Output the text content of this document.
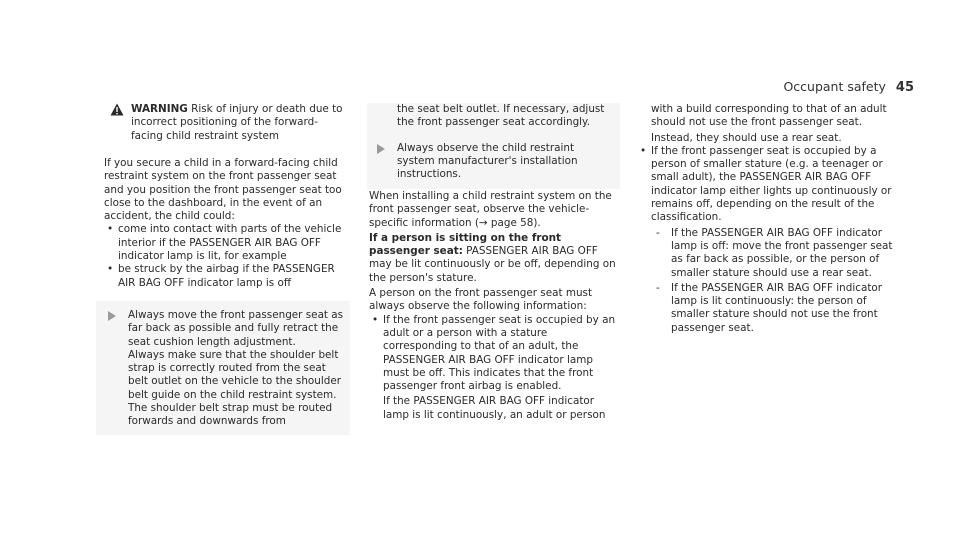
Occupant safety 45

WARNING Risk of injury or death due to incorrect positioning of the forward-facing child restraint system

If you secure a child in a forward-facing child restraint system on the front passenger seat and you position the front passenger seat too close to the dashboard, in the event of an accident, the child could:

• come into contact with parts of the vehicle interior if the PASSENGER AIR BAG OFF indicator lamp is lit, for example
• be struck by the airbag if the PASSENGER AIR BAG OFF indicator lamp is off

Always move the front passenger seat as far back as possible and fully retract the seat cushion length adjustment.

Always make sure that the shoulder belt strap is correctly routed from the seat belt outlet on the vehicle to the shoulder belt guide on the child restraint system. The shoulder belt strap must be routed forwards and downwards from

the seat belt outlet. If necessary, adjust the front passenger seat accordingly.

Always observe the child restraint system manufacturer's installation instructions.

When installing a child restraint system on the front passenger seat, observe the vehicle-specific information (→ page 58).

If a person is sitting on the front passenger seat: PASSENGER AIR BAG OFF may be lit continuously or be off, depending on the person's stature.

A person on the front passenger seat must always observe the following information:

• If the front passenger seat is occupied by an adult or a person with a stature corresponding to that of an adult, the PASSENGER AIR BAG OFF indicator lamp must be off. This indicates that the front passenger front airbag is enabled.

If the PASSENGER AIR BAG OFF indicator lamp is lit continuously, an adult or person

with a build corresponding to that of an adult should not use the front passenger seat.

Instead, they should use a rear seat.

• If the front passenger seat is occupied by a person of smaller stature (e.g. a teenager or small adult), the PASSENGER AIR BAG OFF indicator lamp either lights up continuously or remains off, depending on the result of the classification.

- If the PASSENGER AIR BAG OFF indicator lamp is off: move the front passenger seat as far back as possible, or the person of smaller stature should use a rear seat.

- If the PASSENGER AIR BAG OFF indicator lamp is lit continuously: the person of smaller stature should not use the front passenger seat.
